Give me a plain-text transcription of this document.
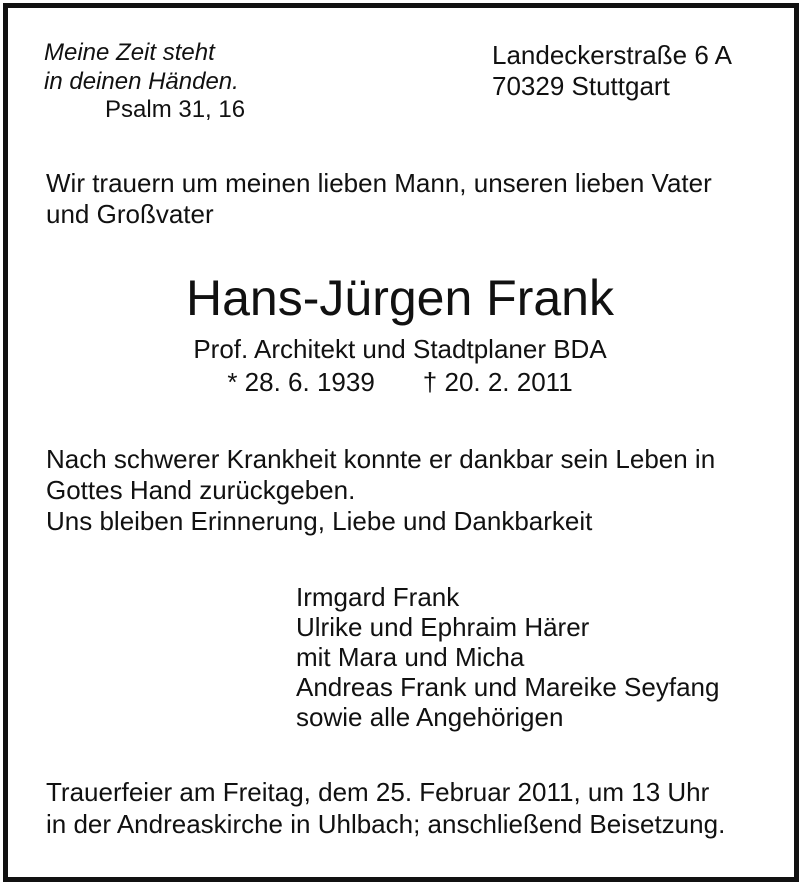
Meine Zeit steht
in deinen Händen.
Psalm 31, 16
Landeckerstraße 6 A
70329 Stuttgart
Wir trauern um meinen lieben Mann, unseren lieben Vater
und Großvater
Hans-Jürgen Frank
Prof. Architekt und Stadtplaner BDA
* 28. 6. 1939 † 20. 2. 2011
Nach schwerer Krankheit konnte er dankbar sein Leben in
Gottes Hand zurückgeben.
Uns bleiben Erinnerung, Liebe und Dankbarkeit
Irmgard Frank
Ulrike und Ephraim Härer
mit Mara und Micha
Andreas Frank und Mareike Seyfang
sowie alle Angehörigen
Trauerfeier am Freitag, dem 25. Februar 2011, um 13 Uhr
in der Andreaskirche in Uhlbach; anschließend Beisetzung.
